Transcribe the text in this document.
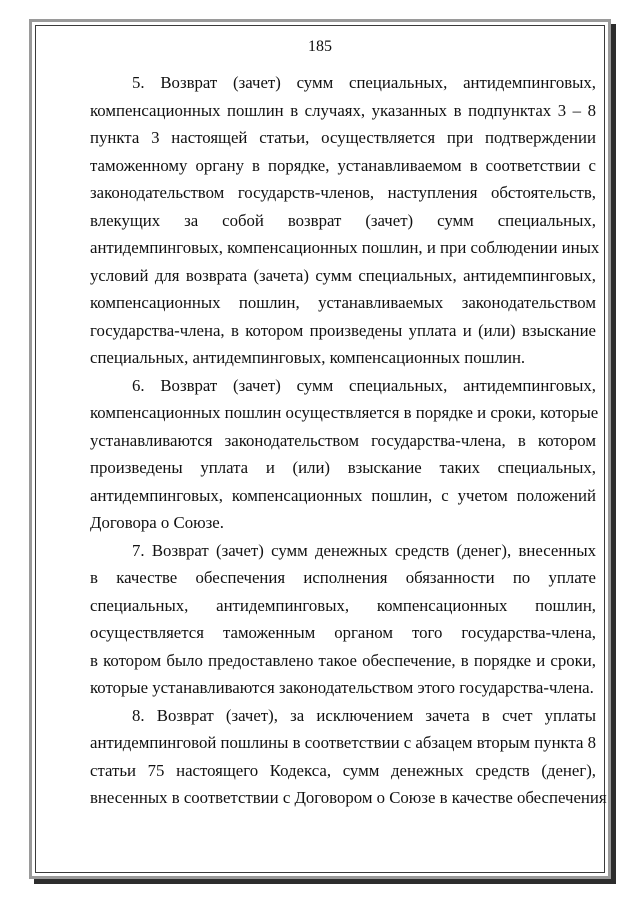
185
5. Возврат (зачет) сумм специальных, антидемпинговых,
компенсационных пошлин в случаях, указанных в подпунктах 3 – 8
пункта 3 настоящей статьи, осуществляется при подтверждении
таможенному органу в порядке, устанавливаемом в соответствии с
законодательством государств-членов, наступления обстоятельств,
влекущих за собой возврат (зачет) сумм специальных,
антидемпинговых, компенсационных пошлин, и при соблюдении иных
условий для возврата (зачета) сумм специальных, антидемпинговых,
компенсационных пошлин, устанавливаемых законодательством
государства-члена, в котором произведены уплата и (или) взыскание
специальных, антидемпинговых, компенсационных пошлин.
6. Возврат (зачет) сумм специальных, антидемпинговых,
компенсационных пошлин осуществляется в порядке и сроки, которые
устанавливаются законодательством государства-члена, в котором
произведены уплата и (или) взыскание таких специальных,
антидемпинговых, компенсационных пошлин, с учетом положений
Договора о Союзе.
7. Возврат (зачет) сумм денежных средств (денег), внесенных
в качестве обеспечения исполнения обязанности по уплате
специальных, антидемпинговых, компенсационных пошлин,
осуществляется таможенным органом того государства-члена,
в котором было предоставлено такое обеспечение, в порядке и сроки,
которые устанавливаются законодательством этого государства-члена.
8. Возврат (зачет), за исключением зачета в счет уплаты
антидемпинговой пошлины в соответствии с абзацем вторым пункта 8
статьи 75 настоящего Кодекса, сумм денежных средств (денег),
внесенных в соответствии с Договором о Союзе в качестве обеспечения
